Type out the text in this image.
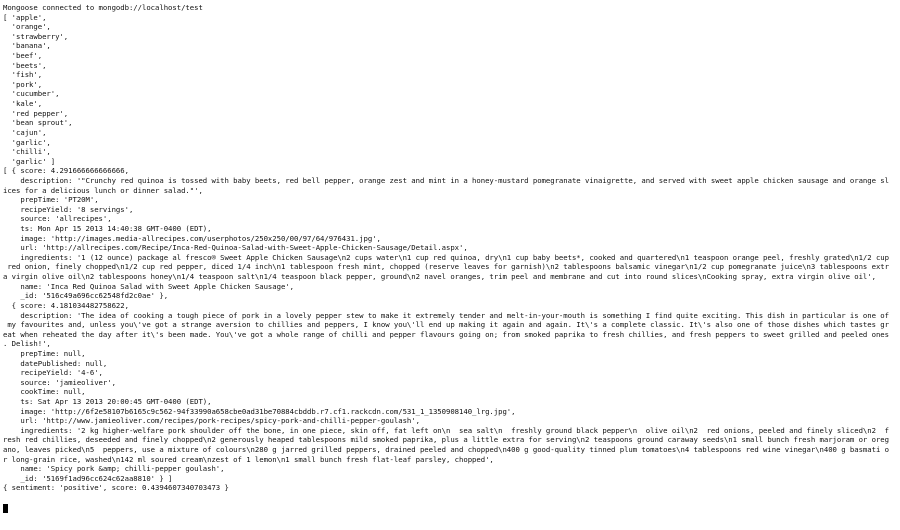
Mongoose connected to mongodb://localhost/test
[ 'apple',
'orange',
'strawberry',
'banana',
'beef',
'beets',
'fish',
'pork',
'cucumber',
'kale',
'red pepper',
'bean sprout',
'cajun',
'garlic',
'chilli',
'garlic' ]
[ { score: 4.291666666666666,
description: '"Crunchy red quinoa is tossed with baby beets, red bell pepper, orange zest and mint in a honey-mustard pomegranate vinaigrette, and served with sweet apple chicken sausage and orange sl
ices for a delicious lunch or dinner salad."',
prepTime: 'PT20M',
recipeYield: '8 servings',
source: 'allrecipes',
ts: Mon Apr 15 2013 14:40:38 GMT-0400 (EDT),
image: 'http://images.media-allrecipes.com/userphotos/250x250/00/97/64/976431.jpg',
url: 'http://allrecipes.com/Recipe/Inca-Red-Quinoa-Salad-with-Sweet-Apple-Chicken-Sausage/Detail.aspx',
ingredients: '1 (12 ounce) package al fresco® Sweet Apple Chicken Sausage\n2 cups water\n1 cup red quinoa, dry\n1 cup baby beets*, cooked and quartered\n1 teaspoon orange peel, freshly grated\n1/2 cup
red onion, finely chopped\n1/2 cup red pepper, diced 1/4 inch\n1 tablespoon fresh mint, chopped (reserve leaves for garnish)\n2 tablespoons balsamic vinegar\n1/2 cup pomegranate juice\n3 tablespoons extr
a virgin olive oil\n2 tablespoons honey\n1/4 teaspoon salt\n1/4 teaspoon black pepper, ground\n2 navel oranges, trim peel and membrane and cut into round slices\nCooking spray, extra virgin olive oil',
name: 'Inca Red Quinoa Salad with Sweet Apple Chicken Sausage',
_id: '516c49a696cc62548fd2c0ae' },
{ score: 4.181034482758622,
description: 'The idea of cooking a tough piece of pork in a lovely pepper stew to make it extremely tender and melt-in-your-mouth is something I find quite exciting. This dish in particular is one of
my favourites and, unless you\'ve got a strange aversion to chillies and peppers, I know you\'ll end up making it again and again. It\'s a complete classic. It\'s also one of those dishes which tastes gr
eat when reheated the day after it\'s been made. You\'ve got a whole range of chilli and pepper flavours going on; from smoked paprika to fresh chillies, and fresh peppers to sweet grilled and peeled ones
. Delish!',
prepTime: null,
datePublished: null,
recipeYield: '4-6',
source: 'jamieoliver',
cookTime: null,
ts: Sat Apr 13 2013 20:00:45 GMT-0400 (EDT),
image: 'http://6f2e58107b6165c9c562-94f33990a658cbe0ad31be70884cbddb.r7.cf1.rackcdn.com/531_1_1350908140_lrg.jpg',
url: 'http://www.jamieoliver.com/recipes/pork-recipes/spicy-pork-and-chilli-pepper-goulash',
ingredients: '2 kg higher-welfare pork shoulder off the bone, in one piece, skin off, fat left on\n  sea salt\n  freshly ground black pepper\n  olive oil\n2  red onions, peeled and finely sliced\n2  f
resh red chillies, deseeded and finely chopped\n2 generously heaped tablespoons mild smoked paprika, plus a little extra for serving\n2 teaspoons ground caraway seeds\n1 small bunch fresh marjoram or oreg
ano, leaves picked\n5  peppers, use a mixture of colours\n280 g jarred grilled peppers, drained peeled and chopped\n400 g good-quality tinned plum tomatoes\n4 tablespoons red wine vinegar\n400 g basmati o
r long-grain rice, washed\n142 ml soured cream\nzest of 1 lemon\n1 small bunch fresh flat-leaf parsley, chopped',
name: 'Spicy pork &amp; chilli-pepper goulash',
_id: '5169f1ad96cc624c62aa8810' } ]
{ sentiment: 'positive', score: 0.4394607340703473 }
